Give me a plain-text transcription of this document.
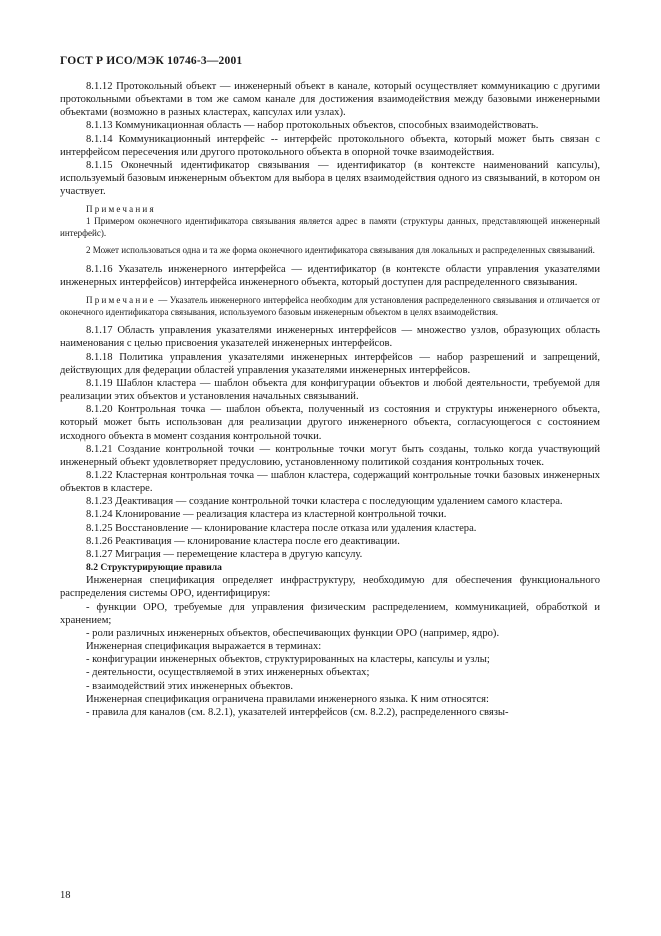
ГОСТ Р ИСО/МЭК 10746-3—2001

8.1.12 Протокольный объект — инженерный объект в канале, который осуществляет коммуникацию с другими протокольными объектами в том же самом канале для достижения взаимодействия между базовыми инженерными объектами (возможно в разных кластерах, капсулах или узлах).

8.1.13 Коммуникационная область — набор протокольных объектов, способных взаимодействовать.

8.1.14 Коммуникационный интерфейс -- интерфейс протокольного объекта, который может быть связан с интерфейсом пересечения или другого протокольного объекта в опорной точке взаимодействия.

8.1.15 Оконечный идентификатор связывания — идентификатор (в контексте наименований капсулы), используемый базовым инженерным объектом для выбора в целях взаимодействия одного из связываний, в котором он участвует.

Примечания

1 Примером оконечного идентификатора связывания является адрес в памяти (структуры данных, представляющей инженерный интерфейс).

2 Может использоваться одна и та же форма оконечного идентификатора связывания для локальных и распределенных связываний.

8.1.16 Указатель инженерного интерфейса — идентификатор (в контексте области управления указателями инженерных интерфейсов) интерфейса инженерного объекта, который доступен для распределенного связывания.

Примечание — Указатель инженерного интерфейса необходим для установления распределенного связывания и отличается от оконечного идентификатора связывания, используемого базовым инженерным объектом в целях взаимодействия.

8.1.17 Область управления указателями инженерных интерфейсов — множество узлов, образующих область наименования с целью присвоения указателей инженерных интерфейсов.

8.1.18 Политика управления указателями инженерных интерфейсов — набор разрешений и запрещений, действующих для федерации областей управления указателями инженерных интерфейсов.

8.1.19 Шаблон кластера — шаблон объекта для конфигурации объектов и любой деятельности, требуемой для реализации этих объектов и установления начальных связываний.

8.1.20 Контрольная точка — шаблон объекта, полученный из состояния и структуры инженерного объекта, который может быть использован для реализации другого инженерного объекта, согласующегося с состоянием исходного объекта в момент создания контрольной точки.

8.1.21 Создание контрольной точки — контрольные точки могут быть созданы, только когда участвующий инженерный объект удовлетворяет предусловию, установленному политикой создания контрольных точек.

8.1.22 Кластерная контрольная точка — шаблон кластера, содержащий контрольные точки базовых инженерных объектов в кластере.

8.1.23 Деактивация — создание контрольной точки кластера с последующим удалением самого кластера.

8.1.24 Клонирование — реализация кластера из кластерной контрольной точки.

8.1.25 Восстановление — клонирование кластера после отказа или удаления кластера.

8.1.26 Реактивация — клонирование кластера после его деактивации.

8.1.27 Миграция — перемещение кластера в другую капсулу.

8.2 Структурирующие правила

Инженерная спецификация определяет инфраструктуру, необходимую для обеспечения функционального распределения системы ОРО, идентифицируя:

- функции ОРО, требуемые для управления физическим распределением, коммуникацией, обработкой и хранением;

- роли различных инженерных объектов, обеспечивающих функции ОРО (например, ядро).

Инженерная спецификация выражается в терминах:

- конфигурации инженерных объектов, структурированных на кластеры, капсулы и узлы;

- деятельности, осуществляемой в этих инженерных объектах;

- взаимодействий этих инженерных объектов.

Инженерная спецификация ограничена правилами инженерного языка. К ним относятся:

- правила для каналов (см. 8.2.1), указателей интерфейсов (см. 8.2.2), распределенного связы-

18
